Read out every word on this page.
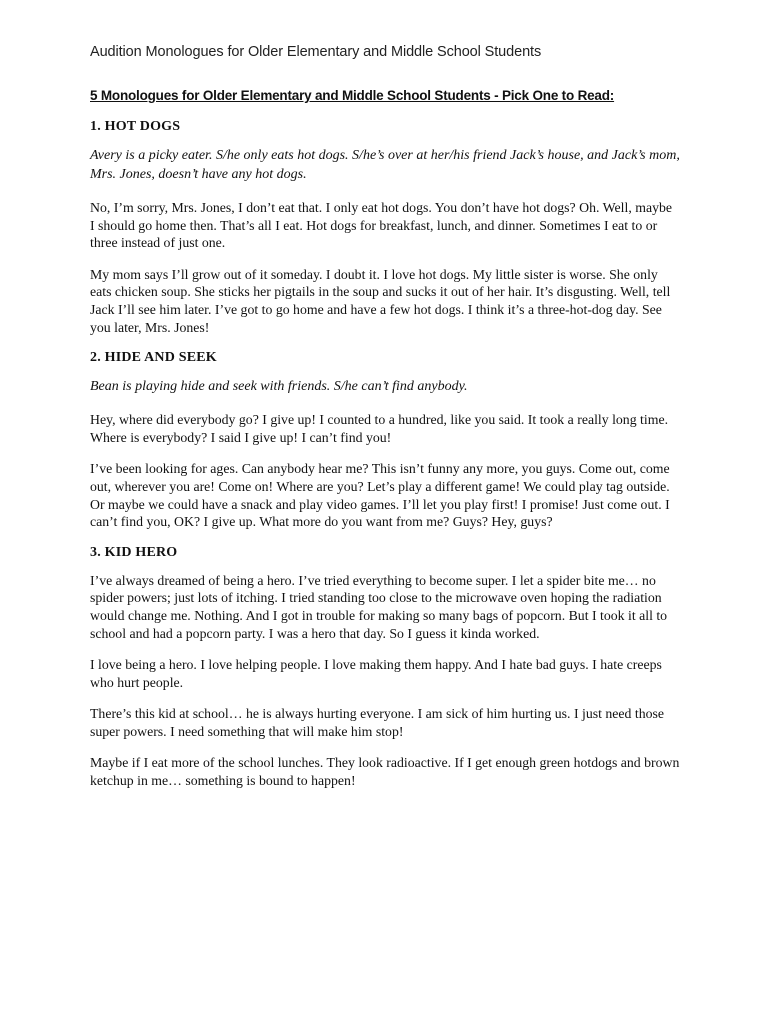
Audition Monologues for Older Elementary and Middle School Students
5 Monologues for Older Elementary and Middle School Students - Pick One to Read:
1. HOT DOGS

Avery is a picky eater. S/he only eats hot dogs. S/he’s over at her/his friend Jack’s house, and Jack’s mom, Mrs. Jones, doesn’t have any hot dogs.

No, I’m sorry, Mrs. Jones, I don’t eat that. I only eat hot dogs. You don’t have hot dogs? Oh. Well, maybe I should go home then. That’s all I eat. Hot dogs for breakfast, lunch, and dinner. Sometimes I eat to or three instead of just one.

My mom says I’ll grow out of it someday. I doubt it. I love hot dogs. My little sister is worse. She only eats chicken soup. She sticks her pigtails in the soup and sucks it out of her hair. It’s disgusting. Well, tell Jack I’ll see him later. I’ve got to go home and have a few hot dogs. I think it’s a three-hot-dog day. See you later, Mrs. Jones!

2. HIDE AND SEEK

Bean is playing hide and seek with friends. S/he can’t find anybody.

Hey, where did everybody go? I give up! I counted to a hundred, like you said. It took a really long time. Where is everybody? I said I give up! I can’t find you!

I’ve been looking for ages. Can anybody hear me? This isn’t funny any more, you guys. Come out, come out, wherever you are! Come on! Where are you? Let’s play a different game! We could play tag outside. Or maybe we could have a snack and play video games. I’ll let you play first! I promise! Just come out. I can’t find you, OK? I give up. What more do you want from me? Guys? Hey, guys?

3. KID HERO

I’ve always dreamed of being a hero. I’ve tried everything to become super. I let a spider bite me… no spider powers; just lots of itching. I tried standing too close to the microwave oven hoping the radiation would change me. Nothing. And I got in trouble for making so many bags of popcorn. But I took it all to school and had a popcorn party. I was a hero that day. So I guess it kinda worked.

I love being a hero. I love helping people. I love making them happy. And I hate bad guys. I hate creeps who hurt people.

There’s this kid at school… he is always hurting everyone. I am sick of him hurting us. I just need those super powers. I need something that will make him stop!

Maybe if I eat more of the school lunches. They look radioactive. If I get enough green hotdogs and brown ketchup in me… something is bound to happen!
